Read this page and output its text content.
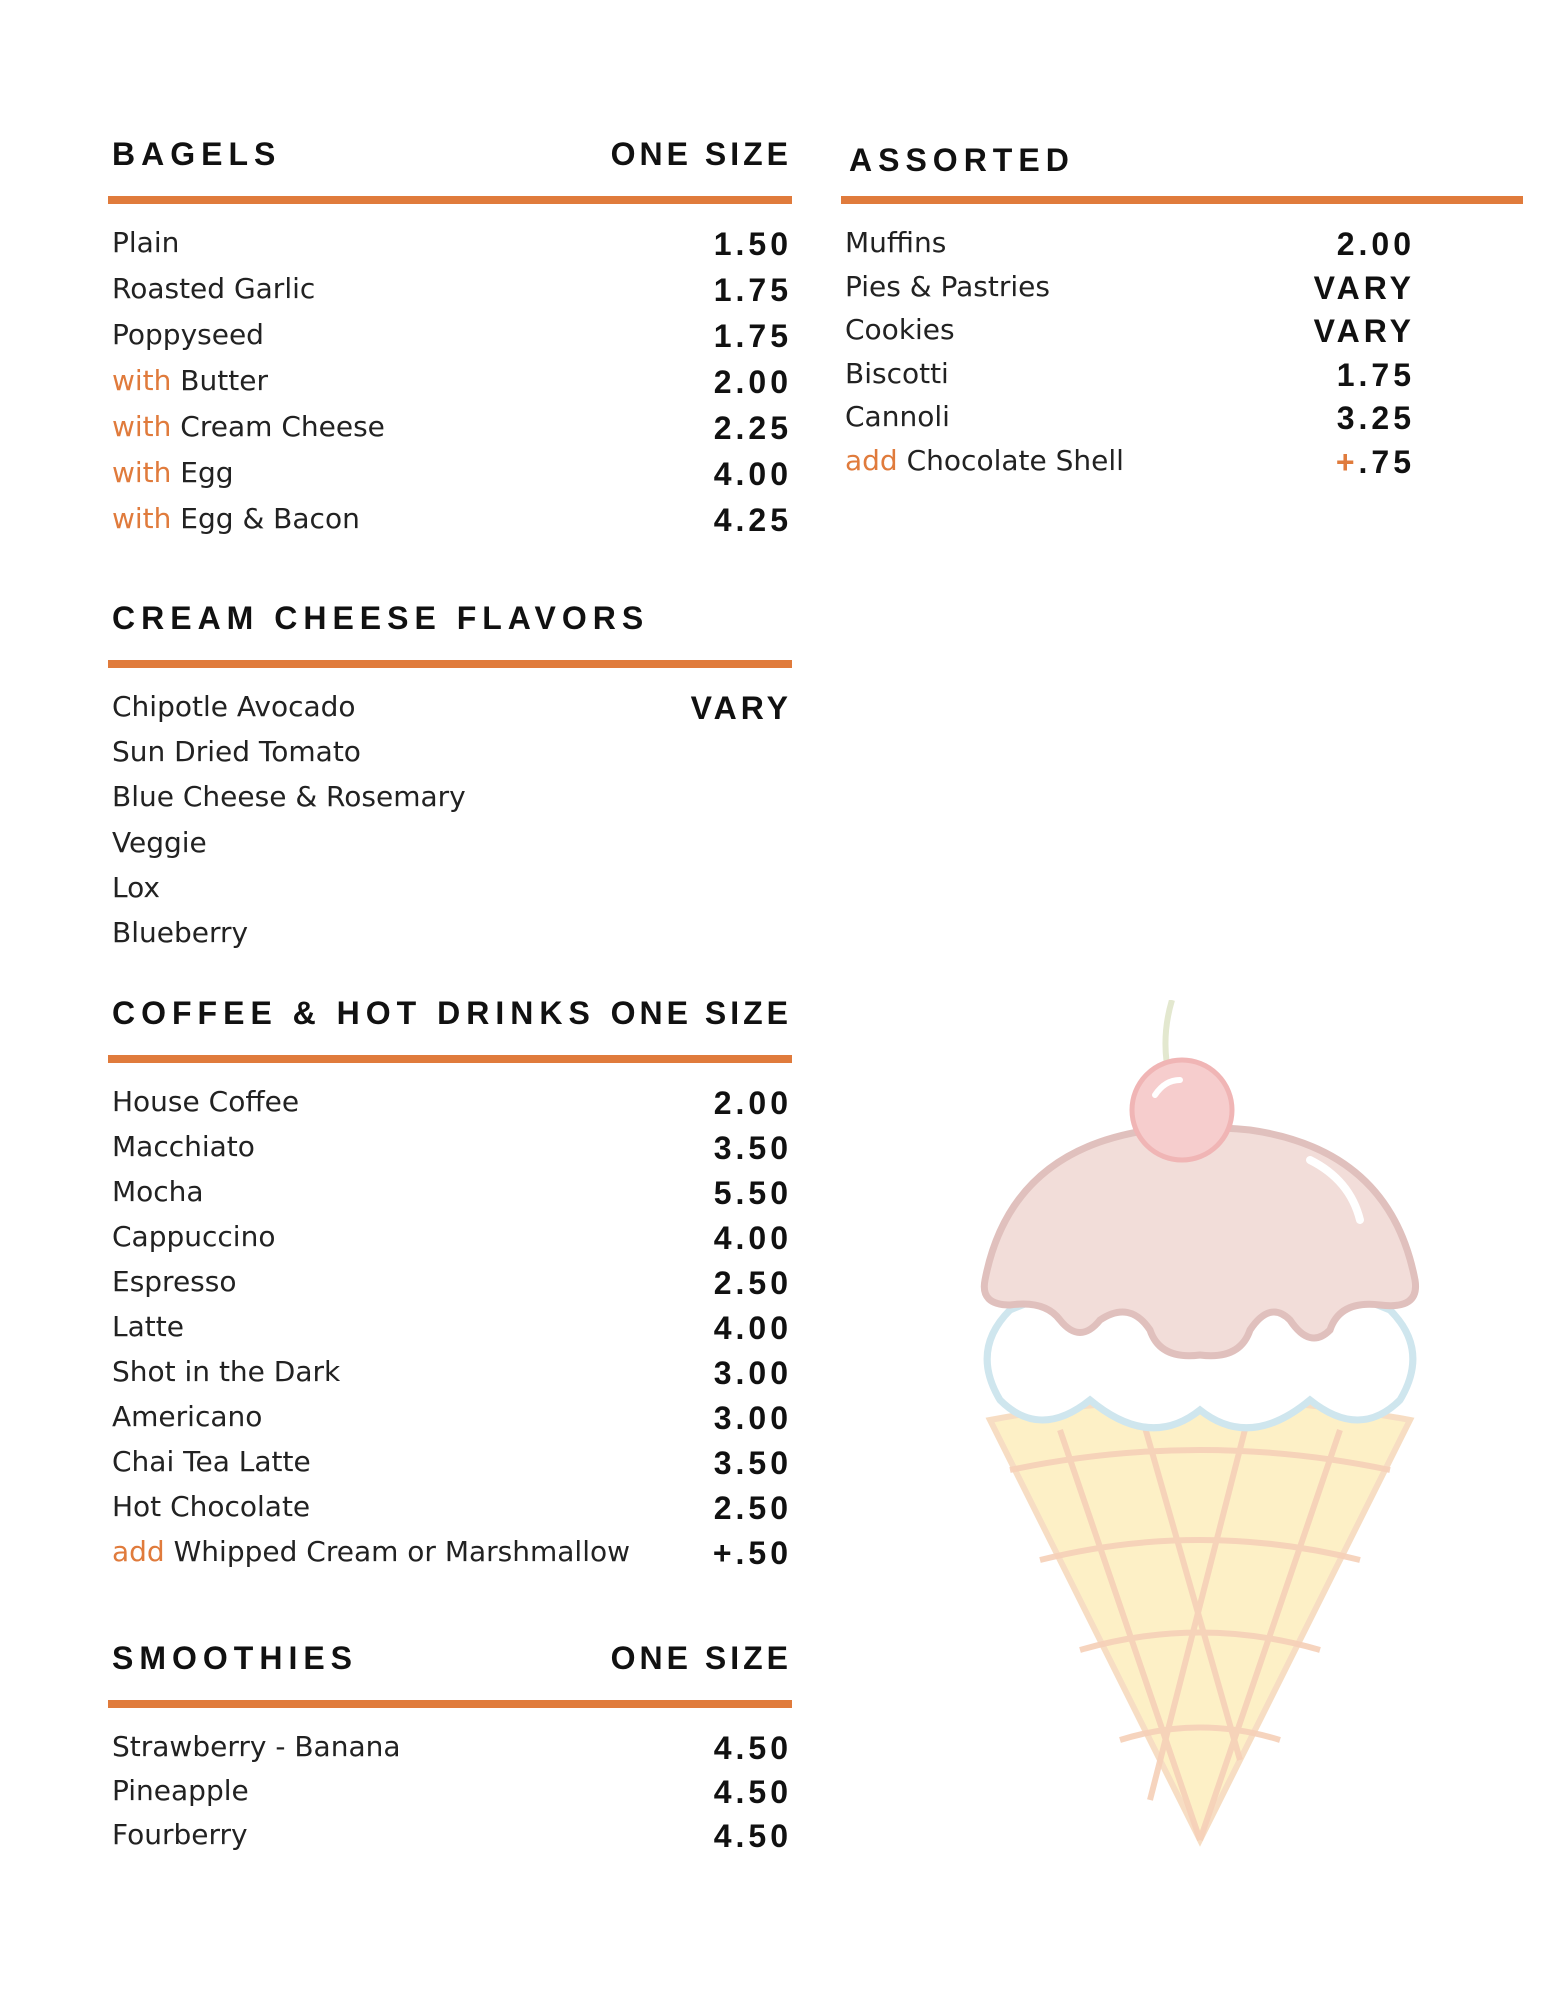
BAGELS	ONE SIZE
Plain	1.50
Roasted Garlic	1.75
Poppyseed	1.75
with Butter	2.00
with Cream Cheese	2.25
with Egg	4.00
with Egg & Bacon	4.25
CREAM CHEESE FLAVORS
Chipotle Avocado	VARY
Sun Dried Tomato
Blue Cheese & Rosemary
Veggie
Lox
Blueberry
COFFEE & HOT DRINKS ONE SIZE
House Coffee	2.00
Macchiato	3.50
Mocha	5.50
Cappuccino	4.00
Espresso	2.50
Latte	4.00
Shot in the Dark	3.00
Americano	3.00
Chai Tea Latte	3.50
Hot Chocolate	2.50
add Whipped Cream or Marshmallow	+.50
SMOOTHIES	ONE SIZE
Strawberry - Banana	4.50
Pineapple	4.50
Fourberry	4.50
ASSORTED
Muffins	2.00
Pies & Pastries	VARY
Cookies	VARY
Biscotti	1.75
Cannoli	3.25
add Chocolate Shell	+.75
